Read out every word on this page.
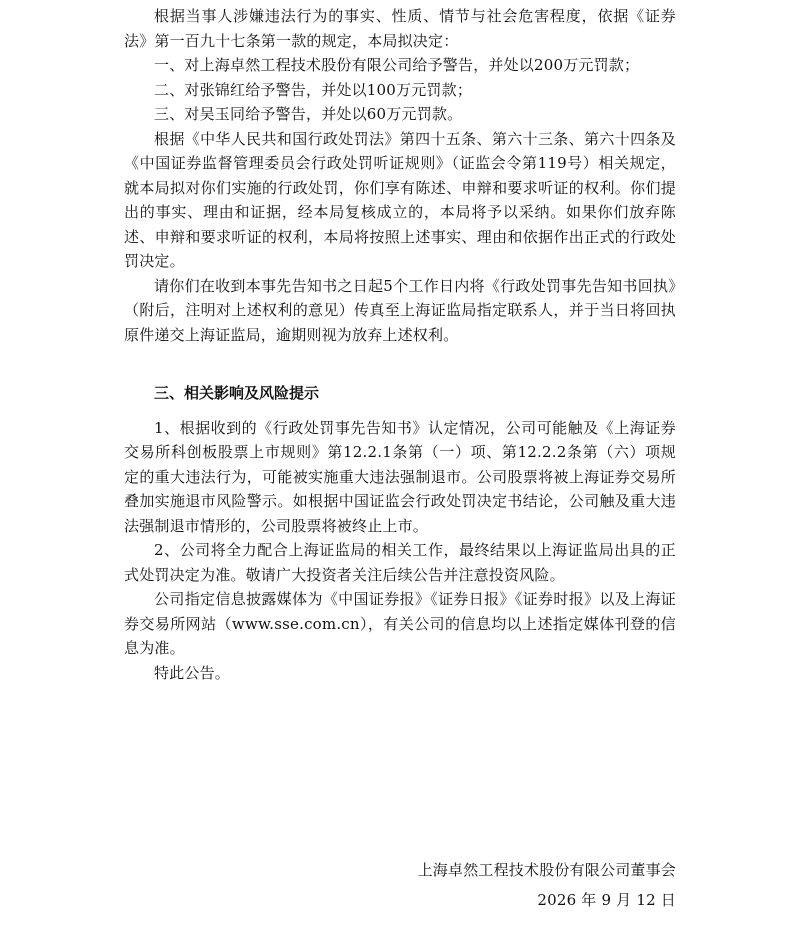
根据当事人涉嫌违法行为的事实、性质、情节与社会危害程度，依据《证券法》第一百九十七条第一款的规定，本局拟决定：

一、对上海卓然工程技术股份有限公司给予警告，并处以200万元罚款；

二、对张锦红给予警告，并处以100万元罚款；

三、对吴玉同给予警告，并处以60万元罚款。

根据《中华人民共和国行政处罚法》第四十五条、第六十三条、第六十四条及《中国证券监督管理委员会行政处罚听证规则》（证监会令第119号）相关规定，就本局拟对你们实施的行政处罚，你们享有陈述、申辩和要求听证的权利。你们提出的事实、理由和证据，经本局复核成立的，本局将予以采纳。如果你们放弃陈述、申辩和要求听证的权利，本局将按照上述事实、理由和依据作出正式的行政处罚决定。

请你们在收到本事先告知书之日起5个工作日内将《行政处罚事先告知书回执》（附后，注明对上述权利的意见）传真至上海证监局指定联系人，并于当日将回执原件递交上海证监局，逾期则视为放弃上述权利。

三、相关影响及风险提示

1、根据收到的《行政处罚事先告知书》认定情况，公司可能触及《上海证券交易所科创板股票上市规则》第12.2.1条第（一）项、第12.2.2条第（六）项规定的重大违法行为，可能被实施重大违法强制退市。公司股票将被上海证券交易所叠加实施退市风险警示。如根据中国证监会行政处罚决定书结论，公司触及重大违法强制退市情形的，公司股票将被终止上市。

2、公司将全力配合上海证监局的相关工作，最终结果以上海证监局出具的正式处罚决定为准。敬请广大投资者关注后续公告并注意投资风险。

公司指定信息披露媒体为《中国证券报》《证券日报》《证券时报》以及上海证券交易所网站（www.sse.com.cn），有关公司的信息均以上述指定媒体刊登的信息为准。

特此公告。

上海卓然工程技术股份有限公司董事会
2026 年 9 月 12 日
